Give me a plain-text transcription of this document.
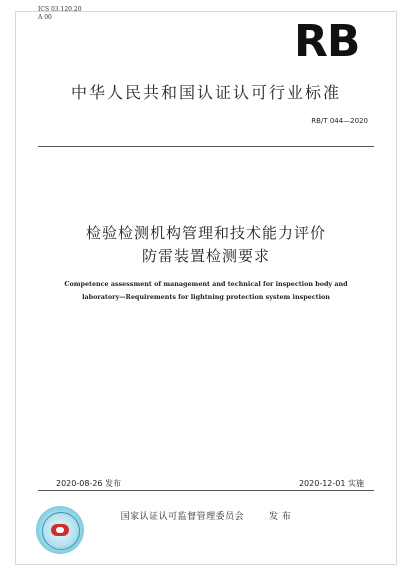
ICS 03.120.20
A 00	RB
中华人民共和国认证认可行业标准
RB/T 044—2020
检验检测机构管理和技术能力评价
防雷装置检测要求
Competence assessment of management and technical for inspection body and
laboratory—Requirements for lightning protection system inspection
2020-08-26 发布	2020-12-01 实施
国家认证认可监督管理委员会	发 布
